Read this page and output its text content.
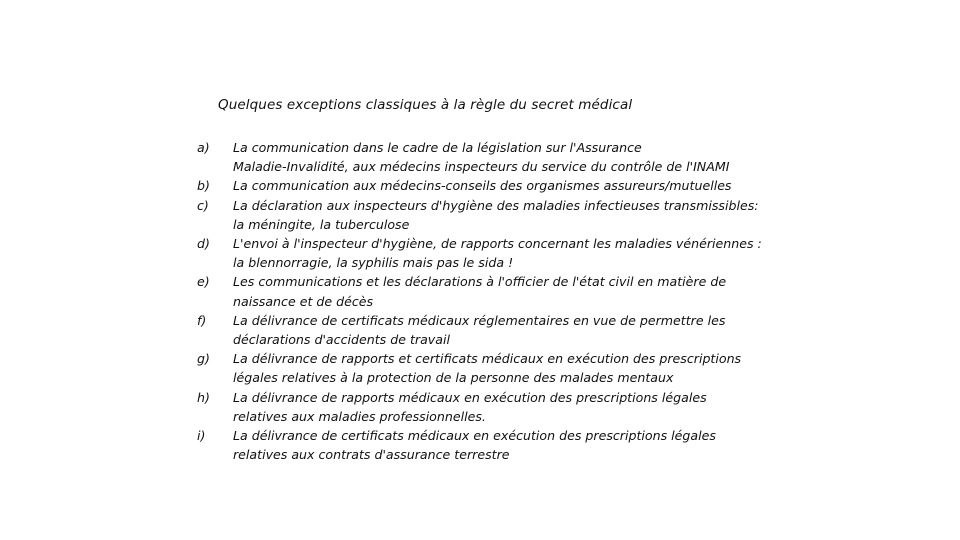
Quelques exceptions classiques à la règle du secret médical
a)	La communication dans le cadre de la législation sur l'Assurance
Maladie-Invalidité, aux médecins inspecteurs du service du contrôle de l'INAMI
b)	La communication aux médecins-conseils des organismes assureurs/mutuelles
c)	La déclaration aux inspecteurs d'hygiène des maladies infectieuses transmissibles:
la méningite, la tuberculose
d)	L'envoi à l'inspecteur d'hygiène, de rapports concernant les maladies vénériennes :
la blennorragie, la syphilis mais pas le sida !
e)	Les communications et les déclarations à l'officier de l'état civil en matière de
naissance et de décès
f)	La délivrance de certificats médicaux réglementaires en vue de permettre les
déclarations d'accidents de travail
g)	La délivrance de rapports et certificats médicaux en exécution des prescriptions
légales relatives à la protection de la personne des malades mentaux
h)	La délivrance de rapports médicaux en exécution des prescriptions légales
relatives aux maladies professionnelles.
i)	La délivrance de certificats médicaux en exécution des prescriptions légales
relatives aux contrats d'assurance terrestre
